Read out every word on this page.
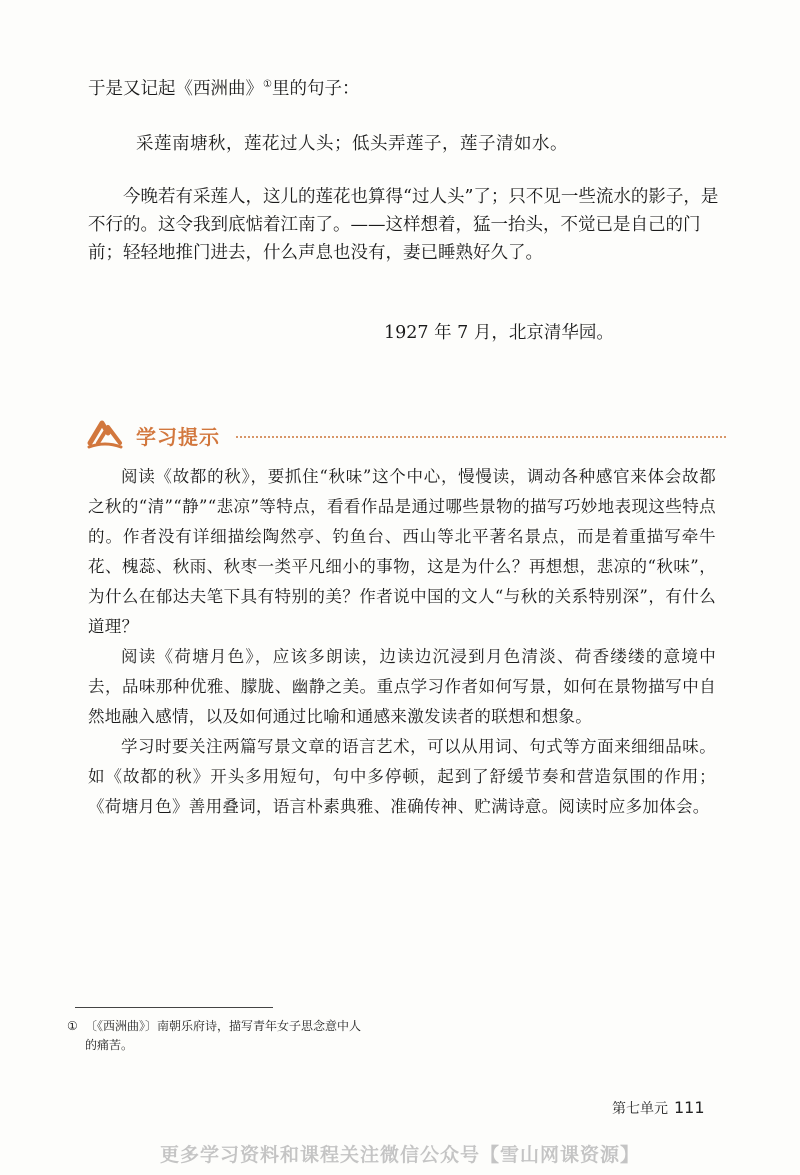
于是又记起《西洲曲》①里的句子：
采莲南塘秋，莲花过人头；低头弄莲子，莲子清如水。
今晚若有采莲人，这儿的莲花也算得“过人头”了；只不见一些流水的影子，是不行的。这令我到底惦着江南了。——这样想着，猛一抬头，不觉已是自己的门前；轻轻地推门进去，什么声息也没有，妻已睡熟好久了。
1927 年 7 月，北京清华园。
学习提示

阅读《故都的秋》，要抓住“秋味”这个中心，慢慢读，调动各种感官来体会故都之秋的“清”“静”“悲凉”等特点，看看作品是通过哪些景物的描写巧妙地表现这些特点的。作者没有详细描绘陶然亭、钓鱼台、西山等北平著名景点，而是着重描写牵牛花、槐蕊、秋雨、秋枣一类平凡细小的事物，这是为什么？再想想，悲凉的“秋味”，为什么在郁达夫笔下具有特别的美？作者说中国的文人“与秋的关系特别深”，有什么道理？

阅读《荷塘月色》，应该多朗读，边读边沉浸到月色清淡、荷香缕缕的意境中去，品味那种优雅、朦胧、幽静之美。重点学习作者如何写景，如何在景物描写中自然地融入感情，以及如何通过比喻和通感来激发读者的联想和想象。

学习时要关注两篇写景文章的语言艺术，可以从用词、句式等方面来细细品味。如《故都的秋》开头多用短句，句中多停顿，起到了舒缓节奏和营造氛围的作用；《荷塘月色》善用叠词，语言朴素典雅、准确传神、贮满诗意。阅读时应多加体会。

① 〔《西洲曲》〕南朝乐府诗，描写青年女子思念意中人
的痛苦。
第七单元 111
更多学习资料和课程关注微信公众号【雪山网课资源】
